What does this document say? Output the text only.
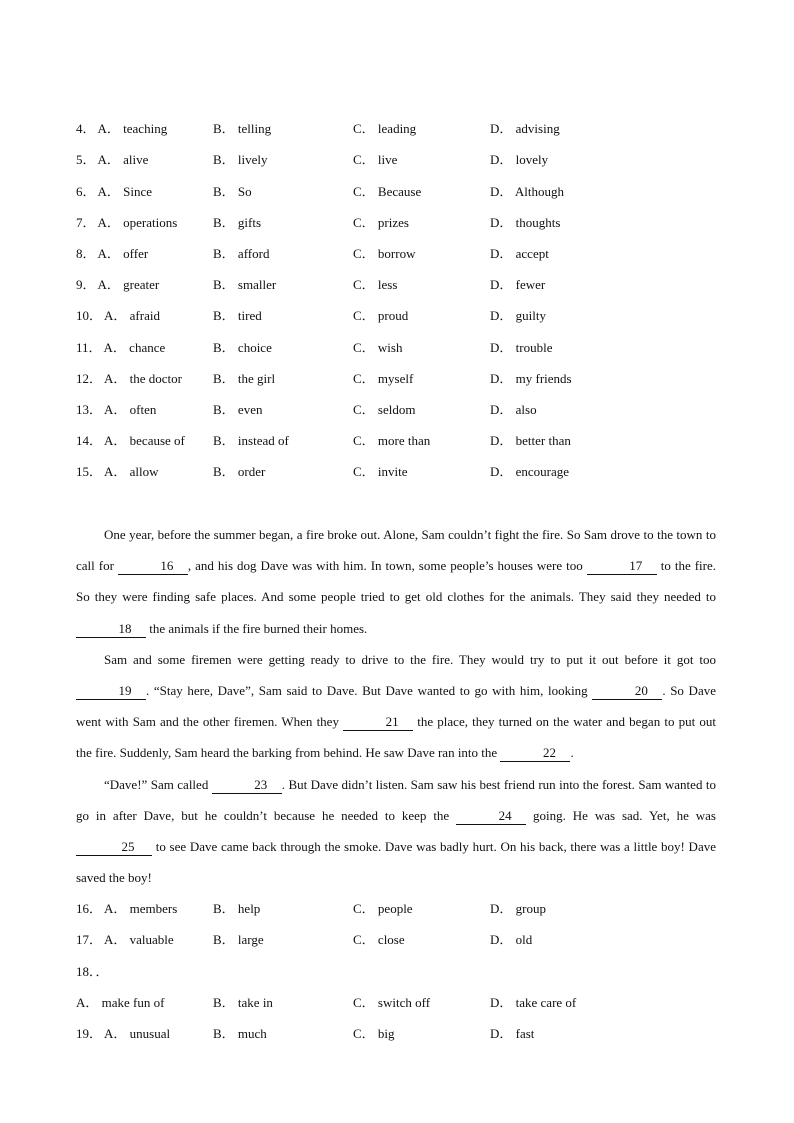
4． A． teaching	B． telling	C． leading	D． advising
5． A． alive	B． lively	C． live	D． lovely
6． A． Since	B． So	C． Because	D． Although
7． A． operations	B． gifts	C． prizes	D． thoughts
8． A． offer	B． afford	C． borrow	D． accept
9． A． greater	B． smaller	C． less	D． fewer
10． A． afraid	B． tired	C． proud	D． guilty
11． A． chance	B． choice	C． wish	D． trouble
12． A． the doctor B． the girl	C． myself	D． my friends
13． A． often	B． even	C． seldom	D． also
14． A． because of B． instead of	C． more than	D． better than
15． A． allow	B． order	C． invite	D． encourage

One year, before the summer began, a fire broke out. Alone, Sam couldn’t fight the fire. So Sam drove to the town to call for	16 , and his dog Dave was with him. In town, some people’s houses were too	17 to the fire. So they were finding safe places. And some people tried to get old clothes for the animals. They said they needed to 18 the animals if the fire burned their homes.

Sam and some firemen were getting ready to drive to the fire. They would try to put it out before it got too 19 . “Stay here, Dave”, Sam said to Dave. But Dave wanted to go with him, looking	20 . So Dave went with Sam and the other firemen. When they	21 the place, they turned on the water and began to put out the fire. Suddenly, Sam heard the barking from behind. He saw Dave ran into the	22 .

“Dave!” Sam called	23 . But Dave didn’t listen. Sam saw his best friend run into the forest. Sam wanted to go in after Dave, but he couldn’t because he needed to keep the	24 going. He was sad. Yet, he was 25 to see Dave came back through the smoke. Dave was badly hurt. On his back, there was a little boy! Dave saved the boy!

16． A． members	B． help	C． people	D． group
17． A． valuable	B． large	C． close	D． old
18．．
A． make fun of	B． take in	C． switch off	D． take care of
19． A． unusual	B． much	C． big	D． fast
